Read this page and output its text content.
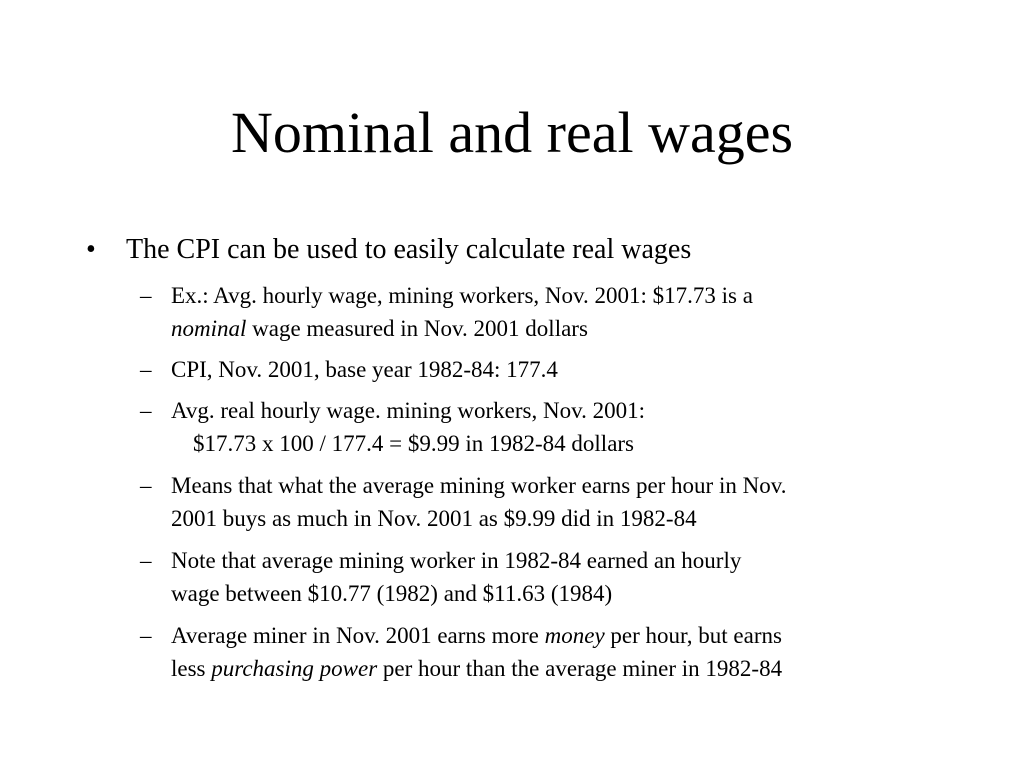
Nominal and real wages
• The CPI can be used to easily calculate real wages
– Ex.: Avg. hourly wage, mining workers, Nov. 2001: $17.73 is a
nominal wage measured in Nov. 2001 dollars
– CPI, Nov. 2001, base year 1982-84: 177.4
– Avg. real hourly wage. mining workers, Nov. 2001:
$17.73 x 100 / 177.4 = $9.99 in 1982-84 dollars
– Means that what the average mining worker earns per hour in Nov.
2001 buys as much in Nov. 2001 as $9.99 did in 1982-84
– Note that average mining worker in 1982-84 earned an hourly
wage between $10.77 (1982) and $11.63 (1984)
– Average miner in Nov. 2001 earns more money per hour, but earns
less purchasing power per hour than the average miner in 1982-84
